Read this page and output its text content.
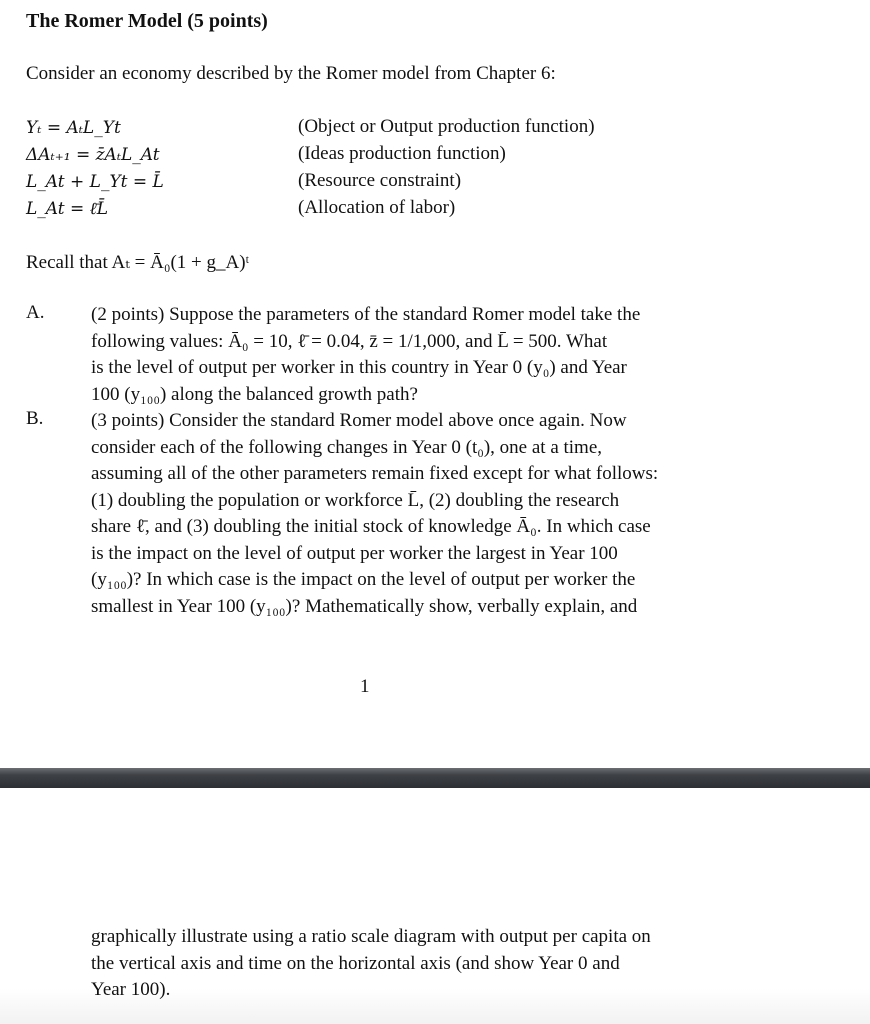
The Romer Model (5 points)
Consider an economy described by the Romer model from Chapter 6:
Yₜ = AₜL_Yt	(Object or Output production function)
ΔAₜ₊₁ = z̄AₜL_At	(Ideas production function)
L_At + L_Yt = L̄	(Resource constraint)
L_At = ℓ̄L̄	(Allocation of labor)
Recall that Aₜ = Ā₀(1 + g_A)ᵗ
A. (2 points) Suppose the parameters of the standard Romer model take the
following values: Ā₀ = 10, ℓ̄ = 0.04, z̄ = 1/1,000, and L̄ = 500. What
is the level of output per worker in this country in Year 0 (y₀) and Year
100 (y₁₀₀) along the balanced growth path?
B.	(3 points) Consider the standard Romer model above once again. Now
consider each of the following changes in Year 0 (t₀), one at a time,
assuming all of the other parameters remain fixed except for what follows:
(1) doubling the population or workforce L̄, (2) doubling the research
share ℓ̄, and (3) doubling the initial stock of knowledge Ā₀. In which case
is the impact on the level of output per worker the largest in Year 100
(y₁₀₀)? In which case is the impact on the level of output per worker the
smallest in Year 100 (y₁₀₀)? Mathematically show, verbally explain, and
1
graphically illustrate using a ratio scale diagram with output per capita on
the vertical axis and time on the horizontal axis (and show Year 0 and
Year 100).
